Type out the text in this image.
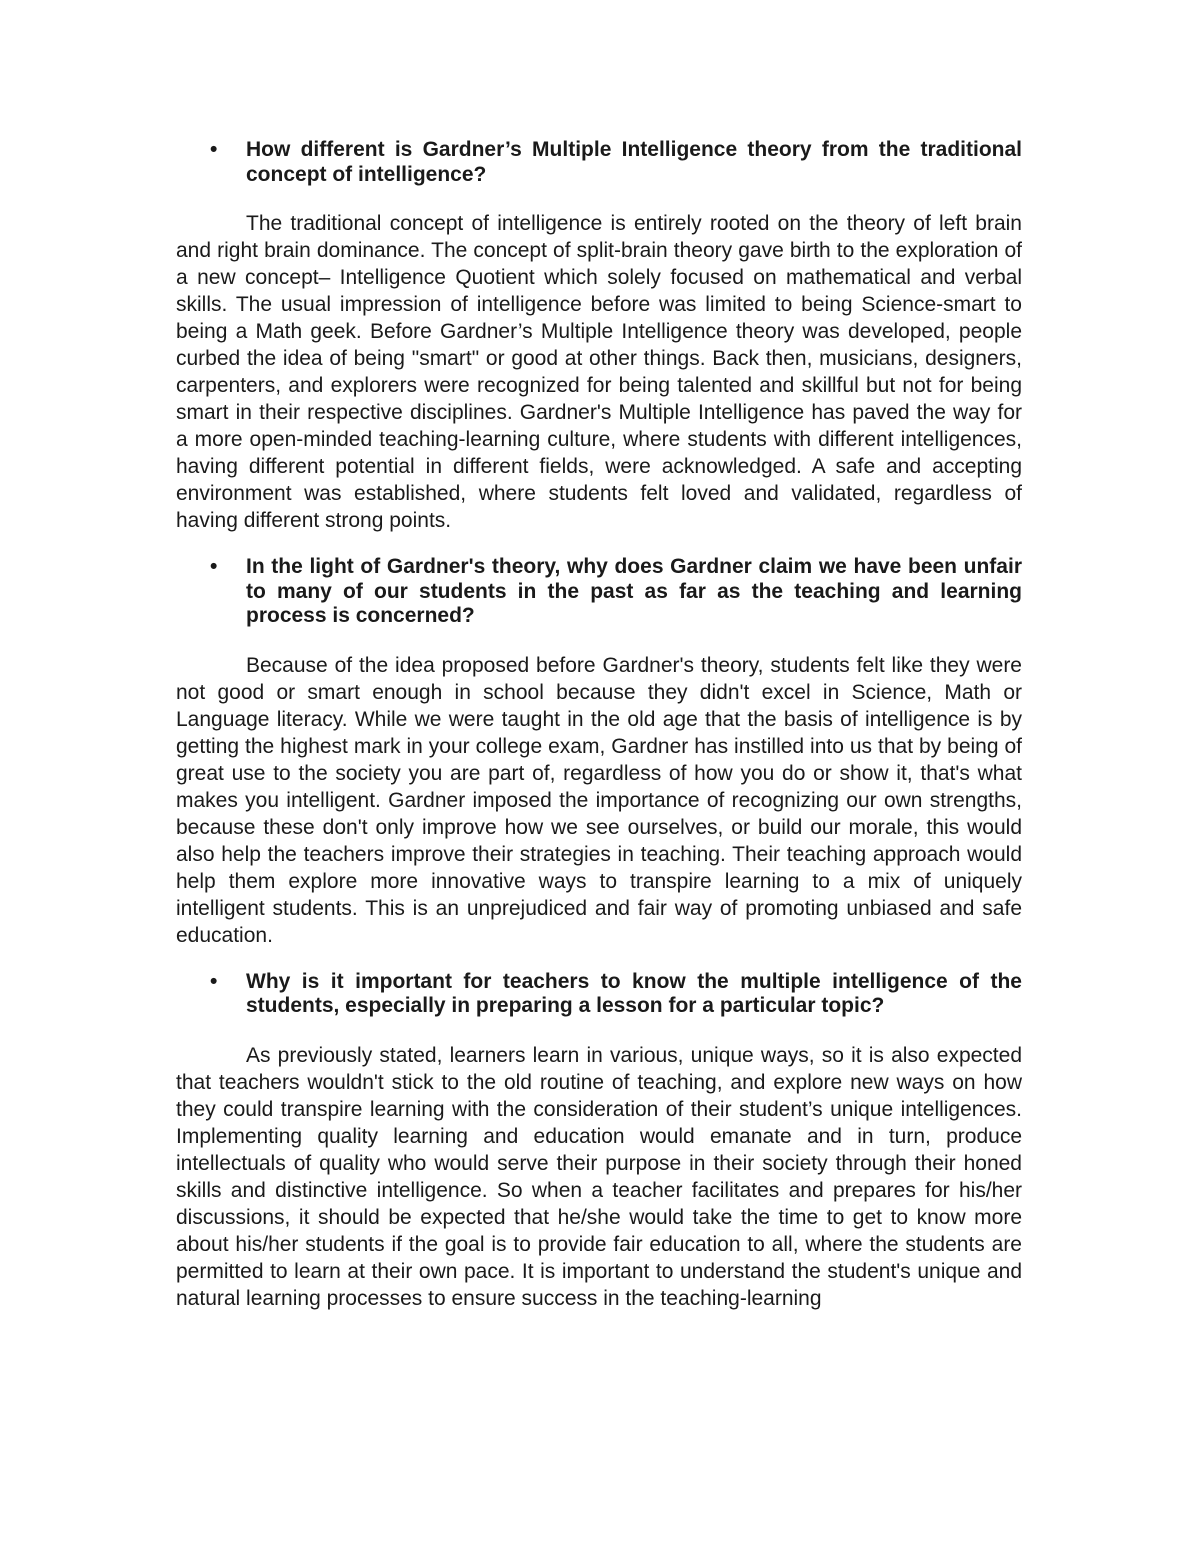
• How different is Gardner’s Multiple Intelligence theory from the traditional concept of intelligence?

The traditional concept of intelligence is entirely rooted on the theory of left brain and right brain dominance. The concept of split-brain theory gave birth to the exploration of a new concept– Intelligence Quotient which solely focused on mathematical and verbal skills. The usual impression of intelligence before was limited to being Science-smart to being a Math geek. Before Gardner’s Multiple Intelligence theory was developed, people curbed the idea of being "smart" or good at other things. Back then, musicians, designers, carpenters, and explorers were recognized for being talented and skillful but not for being smart in their respective disciplines. Gardner's Multiple Intelligence has paved the way for a more open-minded teaching-learning culture, where students with different intelligences, having different potential in different fields, were acknowledged. A safe and accepting environment was established, where students felt loved and validated, regardless of having different strong points.

• In the light of Gardner's theory, why does Gardner claim we have been unfair to many of our students in the past as far as the teaching and learning process is concerned?

Because of the idea proposed before Gardner's theory, students felt like they were not good or smart enough in school because they didn't excel in Science, Math or Language literacy. While we were taught in the old age that the basis of intelligence is by getting the highest mark in your college exam, Gardner has instilled into us that by being of great use to the society you are part of, regardless of how you do or show it, that's what makes you intelligent. Gardner imposed the importance of recognizing our own strengths, because these don't only improve how we see ourselves, or build our morale, this would also help the teachers improve their strategies in teaching. Their teaching approach would help them explore more innovative ways to transpire learning to a mix of uniquely intelligent students. This is an unprejudiced and fair way of promoting unbiased and safe education.

• Why is it important for teachers to know the multiple intelligence of the students, especially in preparing a lesson for a particular topic?

As previously stated, learners learn in various, unique ways, so it is also expected that teachers wouldn't stick to the old routine of teaching, and explore new ways on how they could transpire learning with the consideration of their student’s unique intelligences. Implementing quality learning and education would emanate and in turn, produce intellectuals of quality who would serve their purpose in their society through their honed skills and distinctive intelligence. So when a teacher facilitates and prepares for his/her discussions, it should be expected that he/she would take the time to get to know more about his/her students if the goal is to provide fair education to all, where the students are permitted to learn at their own pace. It is important to understand the student's unique and natural learning processes to ensure success in the teaching-learning
